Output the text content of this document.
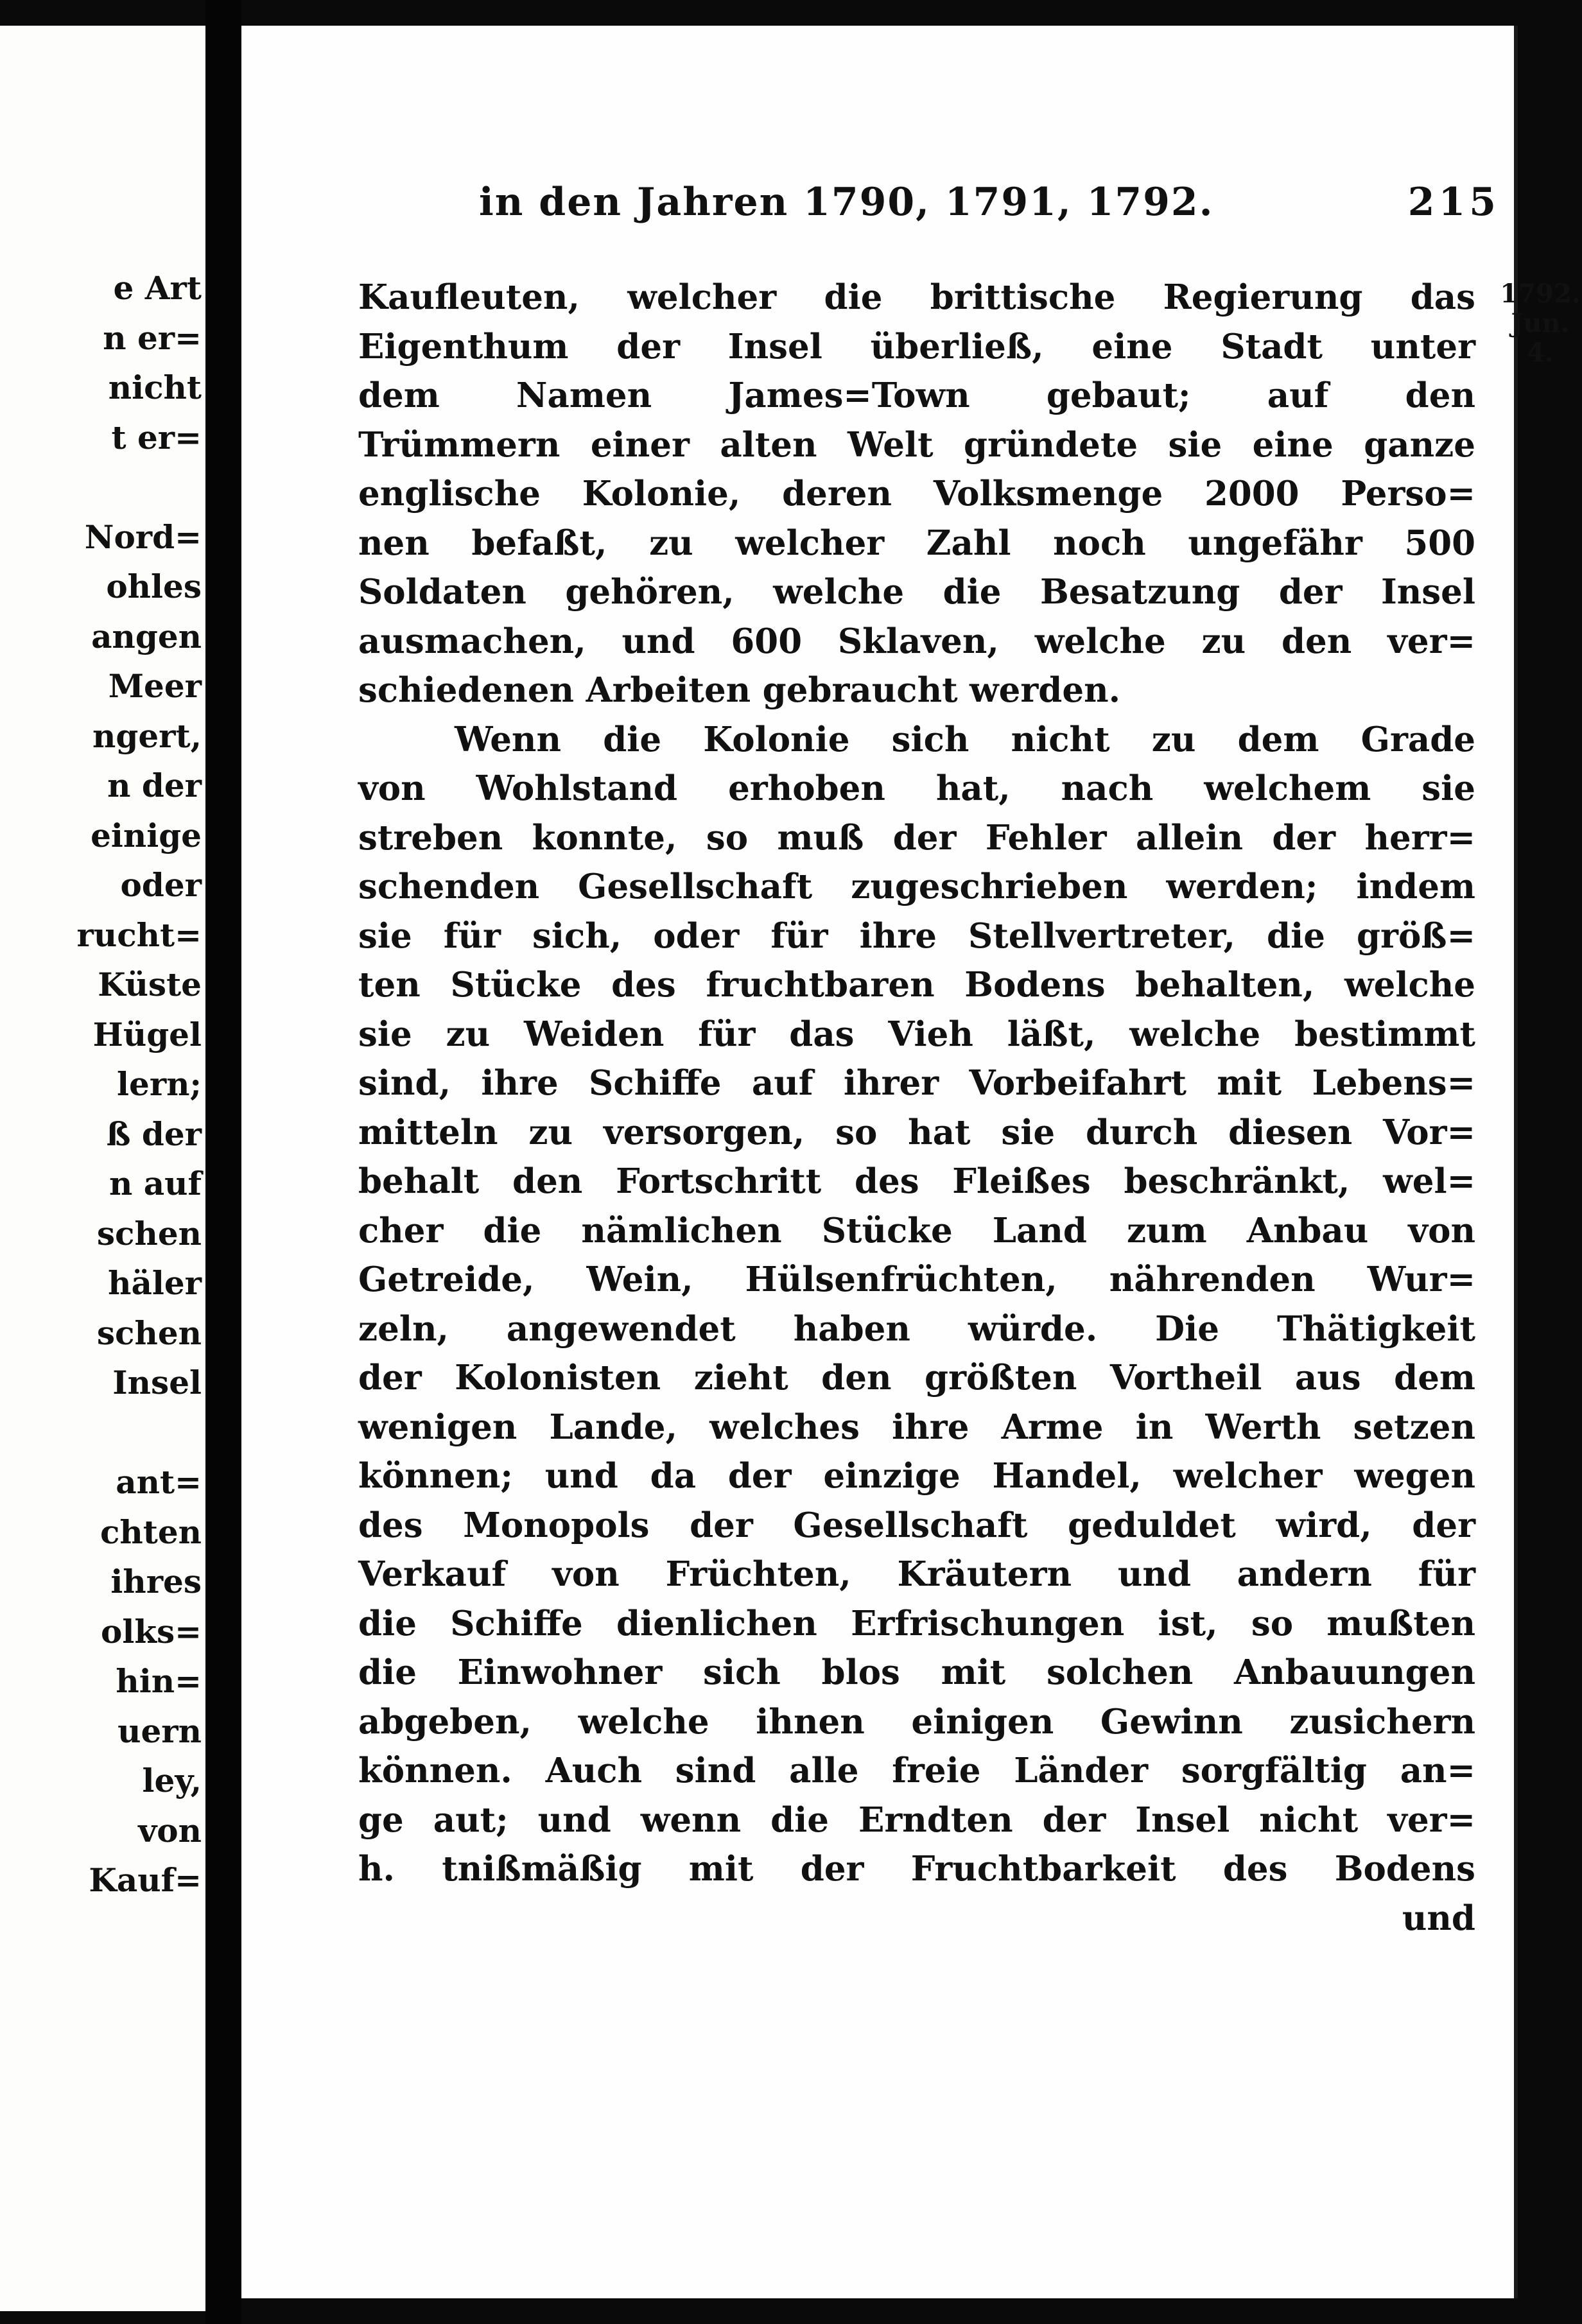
e Art
n er=
nicht
t er=
Nord=
ohles
angen
Meer
ngert,
n der
einige
oder
rucht=
Küste
Hügel
lern;
ß der
n auf
schen
häler
schen
Insel
ant=
chten
ihres
olks=
hin=
uern
ley,
von
Kauf=
in den Jahren 1790, 1791, 1792.	215
1792.
Jun.
4.
Kaufleuten, welcher die brittische Regierung das
Eigenthum der Insel überließ, eine Stadt unter
dem Namen James=Town gebaut; auf den
Trümmern einer alten Welt gründete sie eine ganze
englische Kolonie, deren Volksmenge 2000 Perso=
nen befaßt, zu welcher Zahl noch ungefähr 500
Soldaten gehören, welche die Besatzung der Insel
ausmachen, und 600 Sklaven, welche zu den ver=
schiedenen Arbeiten gebraucht werden.
Wenn die Kolonie sich nicht zu dem Grade
von Wohlstand erhoben hat, nach welchem sie
streben konnte, so muß der Fehler allein der herr=
schenden Gesellschaft zugeschrieben werden; indem
sie für sich, oder für ihre Stellvertreter, die größ=
ten Stücke des fruchtbaren Bodens behalten, welche
sie zu Weiden für das Vieh läßt, welche bestimmt
sind, ihre Schiffe auf ihrer Vorbeifahrt mit Lebens=
mitteln zu versorgen, so hat sie durch diesen Vor=
behalt den Fortschritt des Fleißes beschränkt, wel=
cher die nämlichen Stücke Land zum Anbau von
Getreide, Wein, Hülsenfrüchten, nährenden Wur=
zeln, angewendet haben würde. Die Thätigkeit
der Kolonisten zieht den größten Vortheil aus dem
wenigen Lande, welches ihre Arme in Werth setzen
können; und da der einzige Handel, welcher wegen
des Monopols der Gesellschaft geduldet wird, der
Verkauf von Früchten, Kräutern und andern für
die Schiffe dienlichen Erfrischungen ist, so mußten
die Einwohner sich blos mit solchen Anbauungen
abgeben, welche ihnen einigen Gewinn zusichern
können. Auch sind alle freie Länder sorgfältig an=
ge aut; und wenn die Erndten der Insel nicht ver=
h. tnißmäßig mit der Fruchtbarkeit des Bodens
und
